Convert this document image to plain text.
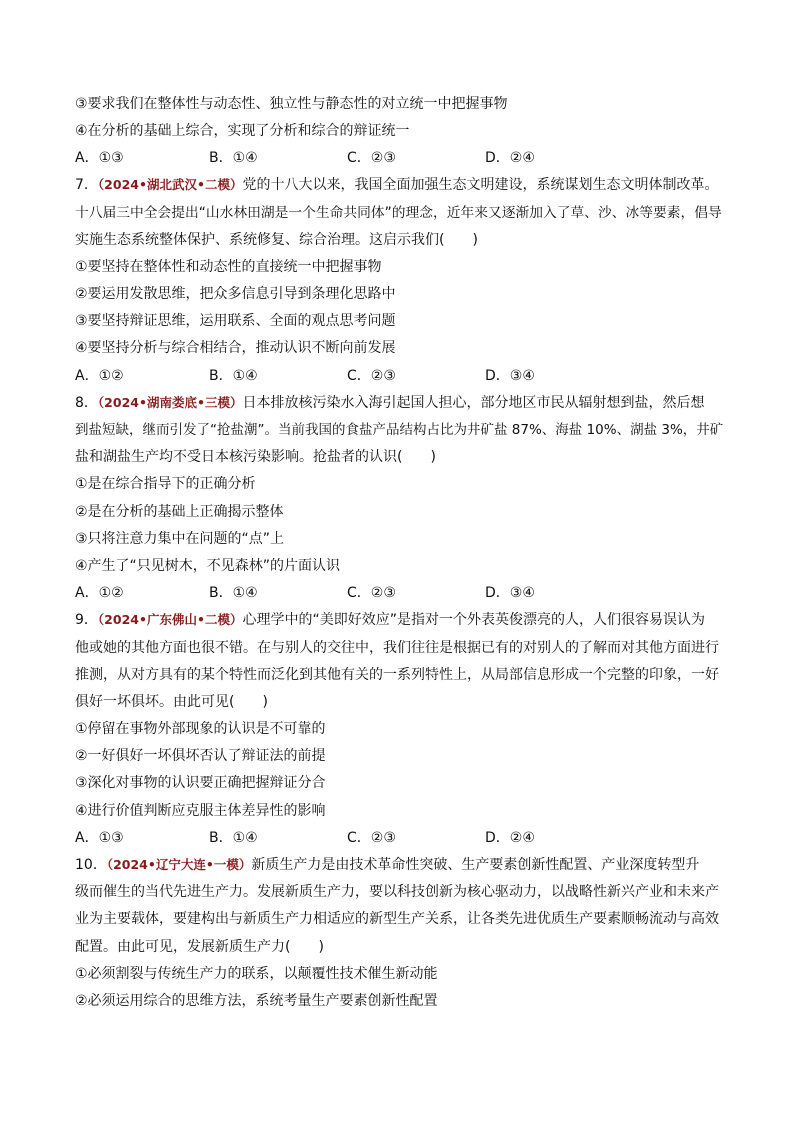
③要求我们在整体性与动态性、独立性与静态性的对立统一中把握事物
④在分析的基础上综合，实现了分析和综合的辩证统一
A．①③	B．①④	C．②③	D．②④
7．（2024•湖北武汉•二模）党的十八大以来，我国全面加强生态文明建设，系统谋划生态文明体制改革。
十八届三中全会提出“山水林田湖是一个生命共同体”的理念，近年来又逐渐加入了草、沙、冰等要素，倡导
实施生态系统整体保护、系统修复、综合治理。这启示我们(　　)
①要坚持在整体性和动态性的直接统一中把握事物
②要运用发散思维，把众多信息引导到条理化思路中
③要坚持辩证思维，运用联系、全面的观点思考问题
④要坚持分析与综合相结合，推动认识不断向前发展
A．①②	B．①④	C．②③	D．③④
8．（2024•湖南娄底•三模）日本排放核污染水入海引起国人担心，部分地区市民从辐射想到盐，然后想
到盐短缺，继而引发了“抢盐潮”。当前我国的食盐产品结构占比为井矿盐 87%、海盐 10%、湖盐 3%，井矿
盐和湖盐生产均不受日本核污染影响。抢盐者的认识(　　)
①是在综合指导下的正确分析
②是在分析的基础上正确揭示整体
③只将注意力集中在问题的“点”上
④产生了“只见树木，不见森林”的片面认识
A．①②	B．①④	C．②③	D．③④
9．（2024•广东佛山•二模）心理学中的“美即好效应”是指对一个外表英俊漂亮的人，人们很容易误认为
他或她的其他方面也很不错。在与别人的交往中，我们往往是根据已有的对别人的了解而对其他方面进行
推测，从对方具有的某个特性而泛化到其他有关的一系列特性上，从局部信息形成一个完整的印象，一好
俱好一坏俱坏。由此可见(　　)
①停留在事物外部现象的认识是不可靠的
②一好俱好一坏俱坏否认了辩证法的前提
③深化对事物的认识要正确把握辩证分合
④进行价值判断应克服主体差异性的影响
A．①③	B．①④	C．②③	D．②④
10．（2024•辽宁大连•一模）新质生产力是由技术革命性突破、生产要素创新性配置、产业深度转型升
级而催生的当代先进生产力。发展新质生产力，要以科技创新为核心驱动力，以战略性新兴产业和未来产
业为主要载体，要建构出与新质生产力相适应的新型生产关系，让各类先进优质生产要素顺畅流动与高效
配置。由此可见，发展新质生产力(　　)
①必须割裂与传统生产力的联系，以颠覆性技术催生新动能
②必须运用综合的思维方法，系统考量生产要素创新性配置
